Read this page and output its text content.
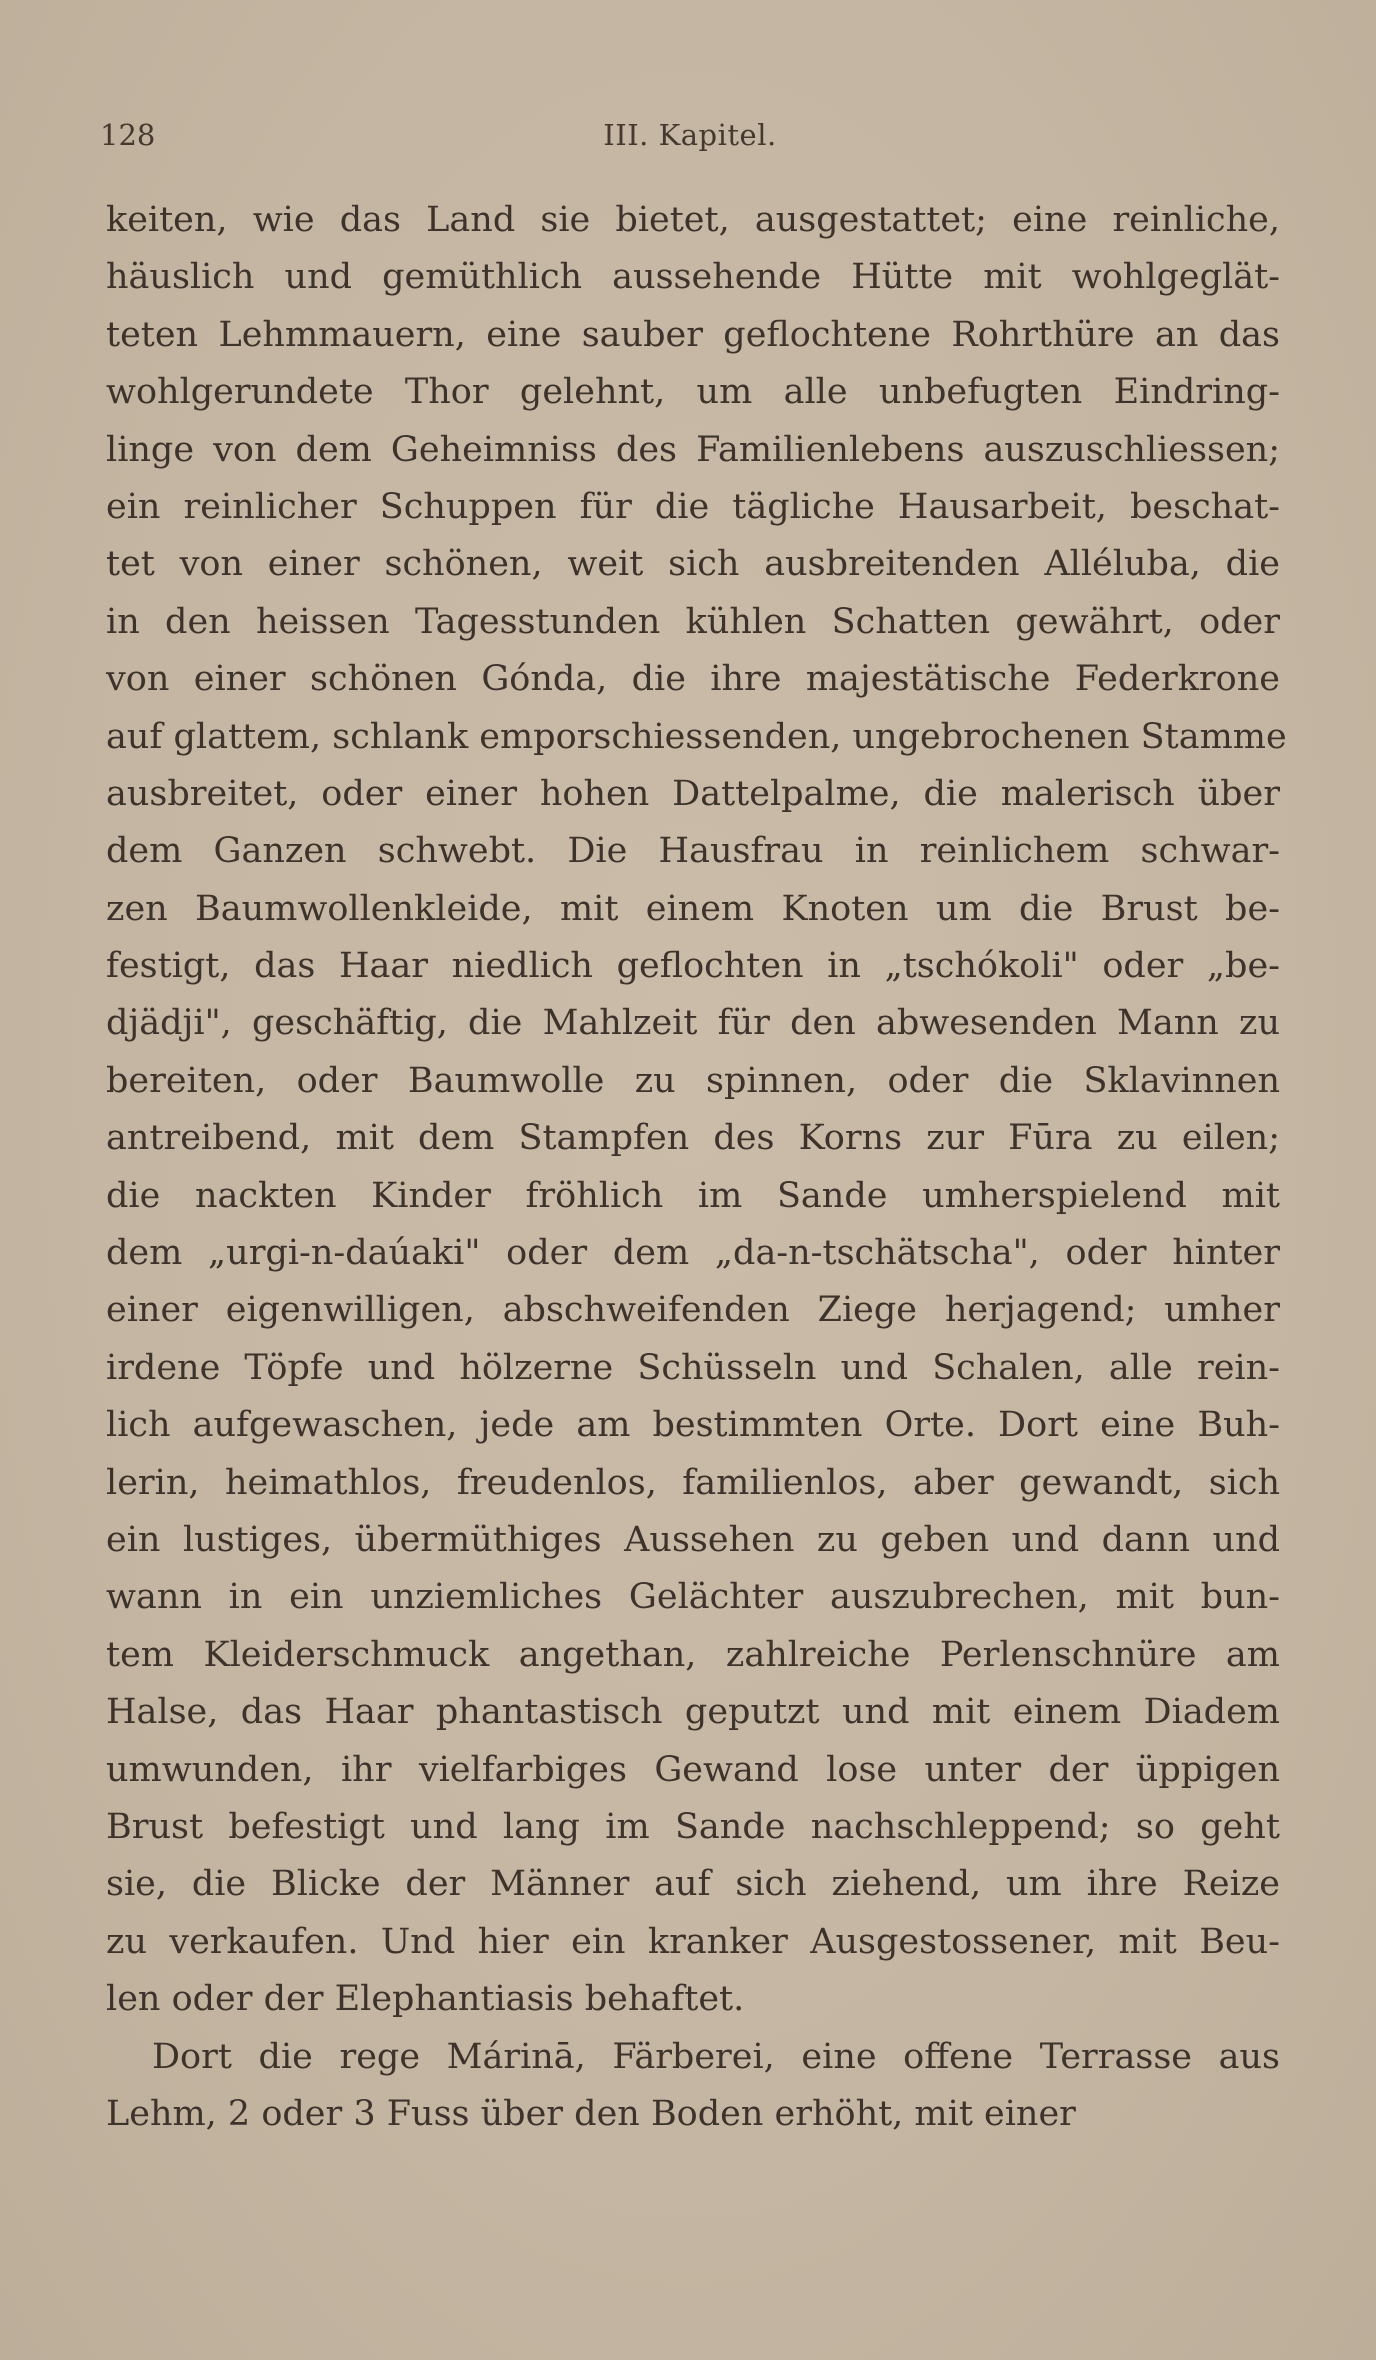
128	III. Kapitel.

keiten, wie das Land sie bietet, ausgestattet; eine reinliche,
häuslich und gemüthlich aussehende Hütte mit wohlgeglät-
teten Lehmmauern, eine sauber geflochtene Rohrthüre an das
wohlgerundete Thor gelehnt, um alle unbefugten Eindring-
linge von dem Geheimniss des Familienlebens auszuschliessen;
ein reinlicher Schuppen für die tägliche Hausarbeit, beschat-
tet von einer schönen, weit sich ausbreitenden Alléluba, die
in den heissen Tagesstunden kühlen Schatten gewährt, oder
von einer schönen Gónda, die ihre majestätische Federkrone
auf glattem, schlank emporschiessenden, ungebrochenen Stamme
ausbreitet, oder einer hohen Dattelpalme, die malerisch über
dem Ganzen schwebt. Die Hausfrau in reinlichem schwar-
zen Baumwollenkleide, mit einem Knoten um die Brust be-
festigt, das Haar niedlich geflochten in „tschókoli" oder „be-
djädji", geschäftig, die Mahlzeit für den abwesenden Mann zu
bereiten, oder Baumwolle zu spinnen, oder die Sklavinnen
antreibend, mit dem Stampfen des Korns zur Fūra zu eilen;
die nackten Kinder fröhlich im Sande umherspielend mit
dem „urgi-n-daúaki" oder dem „da-n-tschätscha", oder hinter
einer eigenwilligen, abschweifenden Ziege herjagend; umher
irdene Töpfe und hölzerne Schüsseln und Schalen, alle rein-
lich aufgewaschen, jede am bestimmten Orte. Dort eine Buh-
lerin, heimathlos, freudenlos, familienlos, aber gewandt, sich
ein lustiges, übermüthiges Aussehen zu geben und dann und
wann in ein unziemliches Gelächter auszubrechen, mit bun-
tem Kleiderschmuck angethan, zahlreiche Perlenschnüre am
Halse, das Haar phantastisch geputzt und mit einem Diadem
umwunden, ihr vielfarbiges Gewand lose unter der üppigen
Brust befestigt und lang im Sande nachschleppend; so geht
sie, die Blicke der Männer auf sich ziehend, um ihre Reize
zu verkaufen. Und hier ein kranker Ausgestossener, mit Beu-
len oder der Elephantiasis behaftet.

Dort die rege Márinā, Färberei, eine offene Terrasse aus
Lehm, 2 oder 3 Fuss über den Boden erhöht, mit einer
